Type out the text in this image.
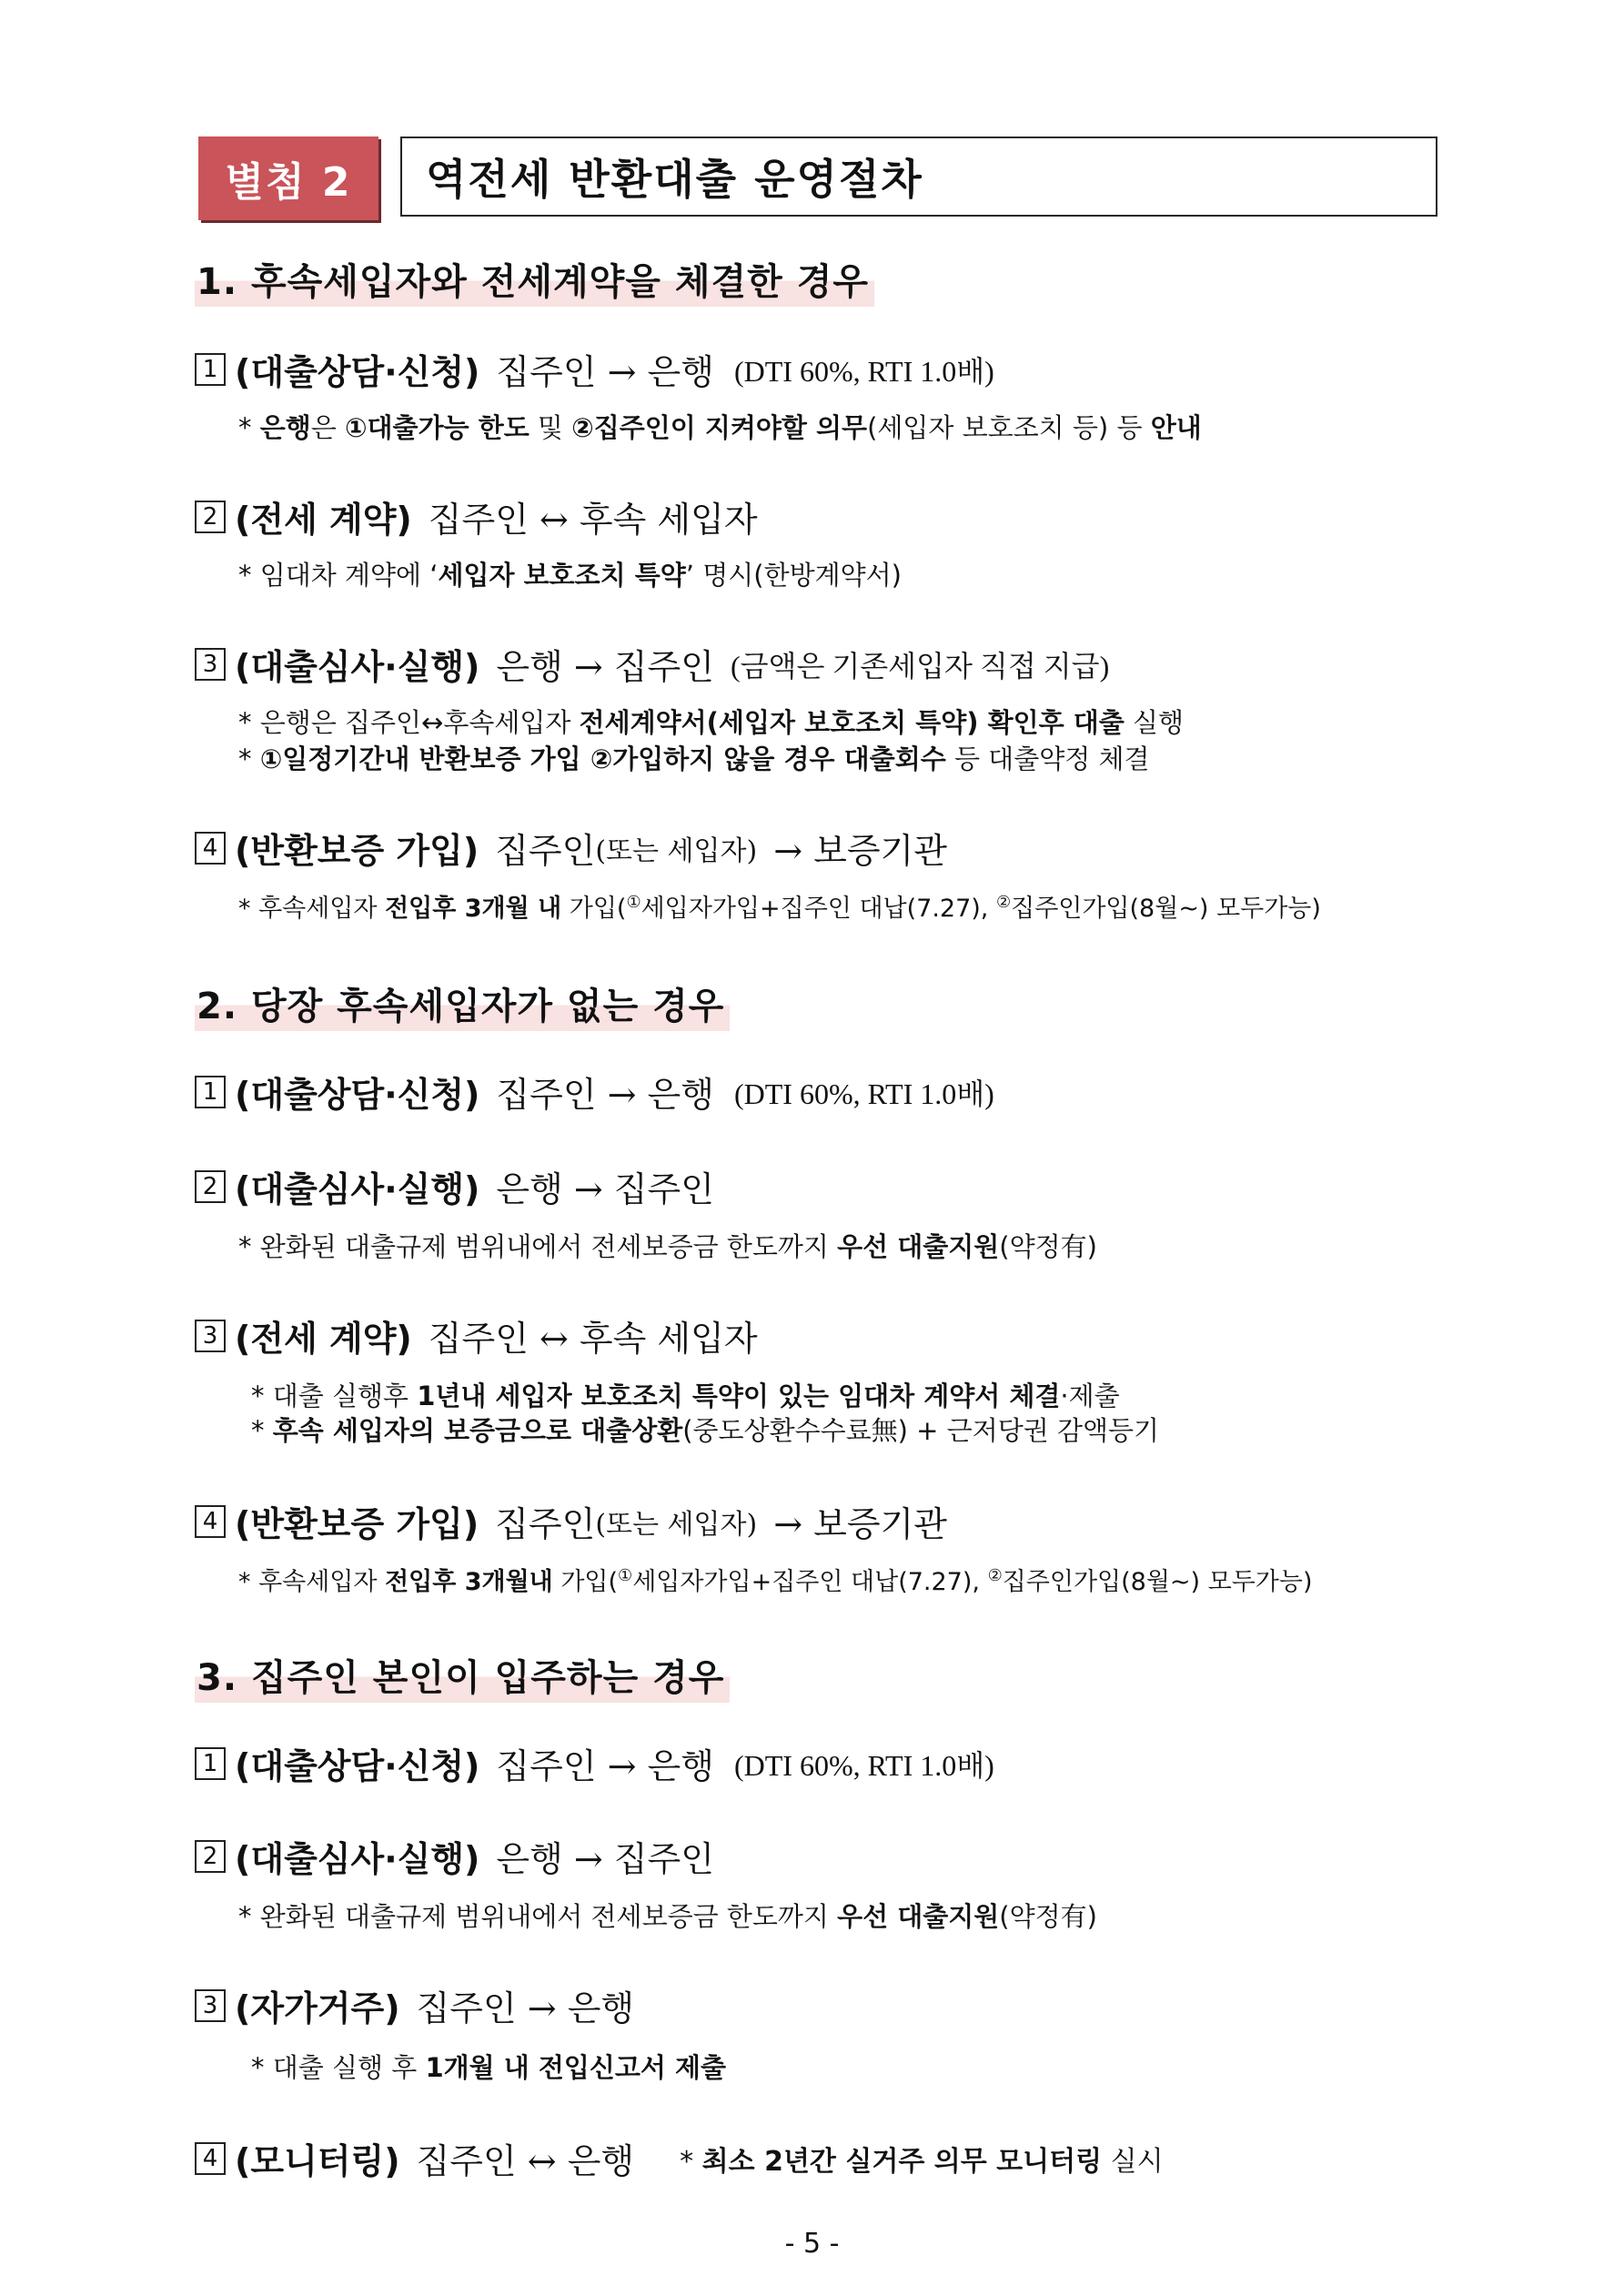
별첨 2	역전세 반환대출 운영절차
1. 후속세입자와 전세계약을 체결한 경우
1 (대출상담·신청) 집주인 → 은행 (DTI 60%, RTI 1.0배)
* 은행은 ①대출가능 한도 및 ②집주인이 지켜야할 의무(세입자 보호조치 등) 등 안내
2 (전세 계약) 집주인 ↔ 후속 세입자
* 임대차 계약에 ‘세입자 보호조치 특약’ 명시(한방계약서)
3 (대출심사·실행) 은행 → 집주인 (금액은 기존세입자 직접 지급)
* 은행은 집주인↔후속세입자 전세계약서(세입자 보호조치 특약) 확인후 대출 실행
* ①일정기간내 반환보증 가입 ②가입하지 않을 경우 대출회수 등 대출약정 체결
4 (반환보증 가입) 집주인 (또는 세입자) → 보증기관
* 후속세입자 전입후 3개월 내 가입(①세입자가입+집주인 대납(7.27), ②집주인가입(8월~) 모두가능)
2. 당장 후속세입자가 없는 경우
1 (대출상담·신청) 집주인 → 은행 (DTI 60%, RTI 1.0배)
2 (대출심사·실행) 은행 → 집주인
* 완화된 대출규제 범위내에서 전세보증금 한도까지 우선 대출지원(약정有)
3 (전세 계약) 집주인 ↔ 후속 세입자
* 대출 실행후 1년내 세입자 보호조치 특약이 있는 임대차 계약서 체결·제출
* 후속 세입자의 보증금으로 대출상환(중도상환수수료無) + 근저당권 감액등기
4 (반환보증 가입) 집주인 (또는 세입자) → 보증기관
* 후속세입자 전입후 3개월내 가입(①세입자가입+집주인 대납(7.27), ②집주인가입(8월~) 모두가능)
3. 집주인 본인이 입주하는 경우
1 (대출상담·신청) 집주인 → 은행 (DTI 60%, RTI 1.0배)
2 (대출심사·실행) 은행 → 집주인
* 완화된 대출규제 범위내에서 전세보증금 한도까지 우선 대출지원(약정有)
3 (자가거주) 집주인 → 은행
* 대출 실행 후 1개월 내 전입신고서 제출
4 (모니터링) 집주인 ↔ 은행 * 최소 2년간 실거주 의무 모니터링 실시
- 5 -
